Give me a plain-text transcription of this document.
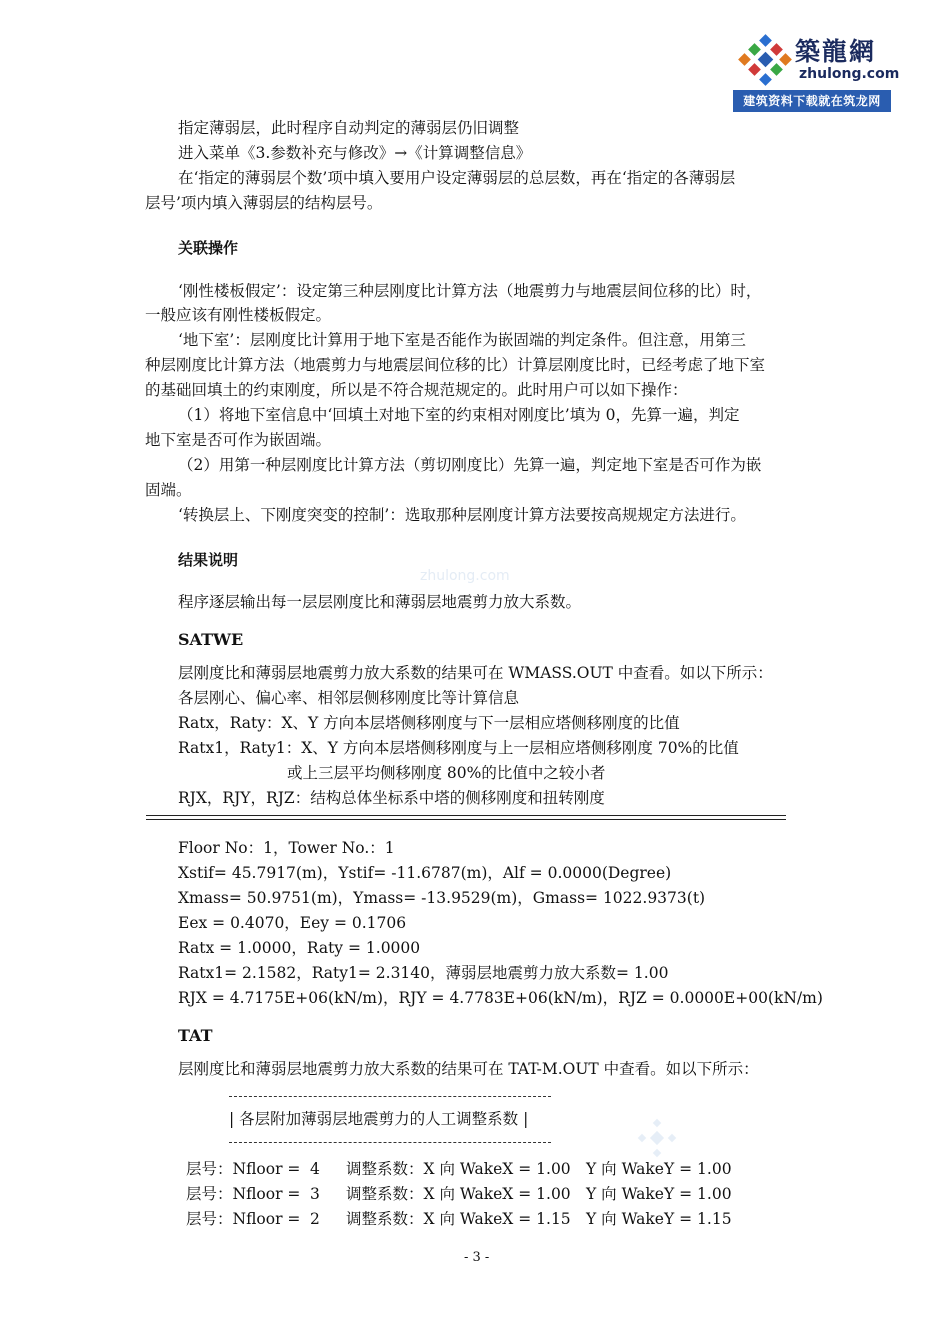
築龍網
zhulong.com
建筑资料下载就在筑龙网
指定薄弱层，此时程序自动判定的薄弱层仍旧调整
进入菜单《3.参数补充与修改》→《计算调整信息》
在‘指定的薄弱层个数’项中填入要用户设定薄弱层的总层数，再在‘指定的各薄弱层
层号’项内填入薄弱层的结构层号。
关联操作
‘刚性楼板假定’：设定第三种层刚度比计算方法（地震剪力与地震层间位移的比）时，
一般应该有刚性楼板假定。
‘地下室’：层刚度比计算用于地下室是否能作为嵌固端的判定条件。但注意，用第三
种层刚度比计算方法（地震剪力与地震层间位移的比）计算层刚度比时，已经考虑了地下室
的基础回填土的约束刚度，所以是不符合规范规定的。此时用户可以如下操作：
（1）将地下室信息中‘回填土对地下室的约束相对刚度比’填为 0，先算一遍，判定
地下室是否可作为嵌固端。
（2）用第一种层刚度比计算方法（剪切刚度比）先算一遍，判定地下室是否可作为嵌
固端。
‘转换层上、下刚度突变的控制’：选取那种层刚度计算方法要按高规规定方法进行。
结果说明
zhulong.com
程序逐层输出每一层层刚度比和薄弱层地震剪力放大系数。
SATWE
层刚度比和薄弱层地震剪力放大系数的结果可在 WMASS.OUT 中查看。如以下所示：
各层刚心、偏心率、相邻层侧移刚度比等计算信息
Ratx，Raty：X、Y 方向本层塔侧移刚度与下一层相应塔侧移刚度的比值
Ratx1，Raty1：X、Y 方向本层塔侧移刚度与上一层相应塔侧移刚度 70%的比值
或上三层平均侧移刚度 80%的比值中之较小者
RJX，RJY，RJZ：结构总体坐标系中塔的侧移刚度和扭转刚度
Floor No：1，Tower No.：1
Xstif= 45.7917(m)，Ystif= -11.6787(m)，Alf = 0.0000(Degree)
Xmass= 50.9751(m)，Ymass= -13.9529(m)，Gmass= 1022.9373(t)
Eex = 0.4070，Eey = 0.1706
Ratx = 1.0000，Raty = 1.0000
Ratx1= 2.1582，Raty1= 2.3140，薄弱层地震剪力放大系数= 1.00
RJX = 4.7175E+06(kN/m)，RJY = 4.7783E+06(kN/m)，RJZ = 0.0000E+00(kN/m)
TAT
层刚度比和薄弱层地震剪力放大系数的结果可在 TAT-M.OUT 中查看。如以下所示：
| 各层附加薄弱层地震剪力的人工调整系数 |
层号：Nfloor = 4 调整系数：X 向 WakeX = 1.00 Y 向 WakeY = 1.00
层号：Nfloor = 3 调整系数：X 向 WakeX = 1.00 Y 向 WakeY = 1.00
层号：Nfloor = 2 调整系数：X 向 WakeX = 1.15 Y 向 WakeY = 1.15
- 3 -
